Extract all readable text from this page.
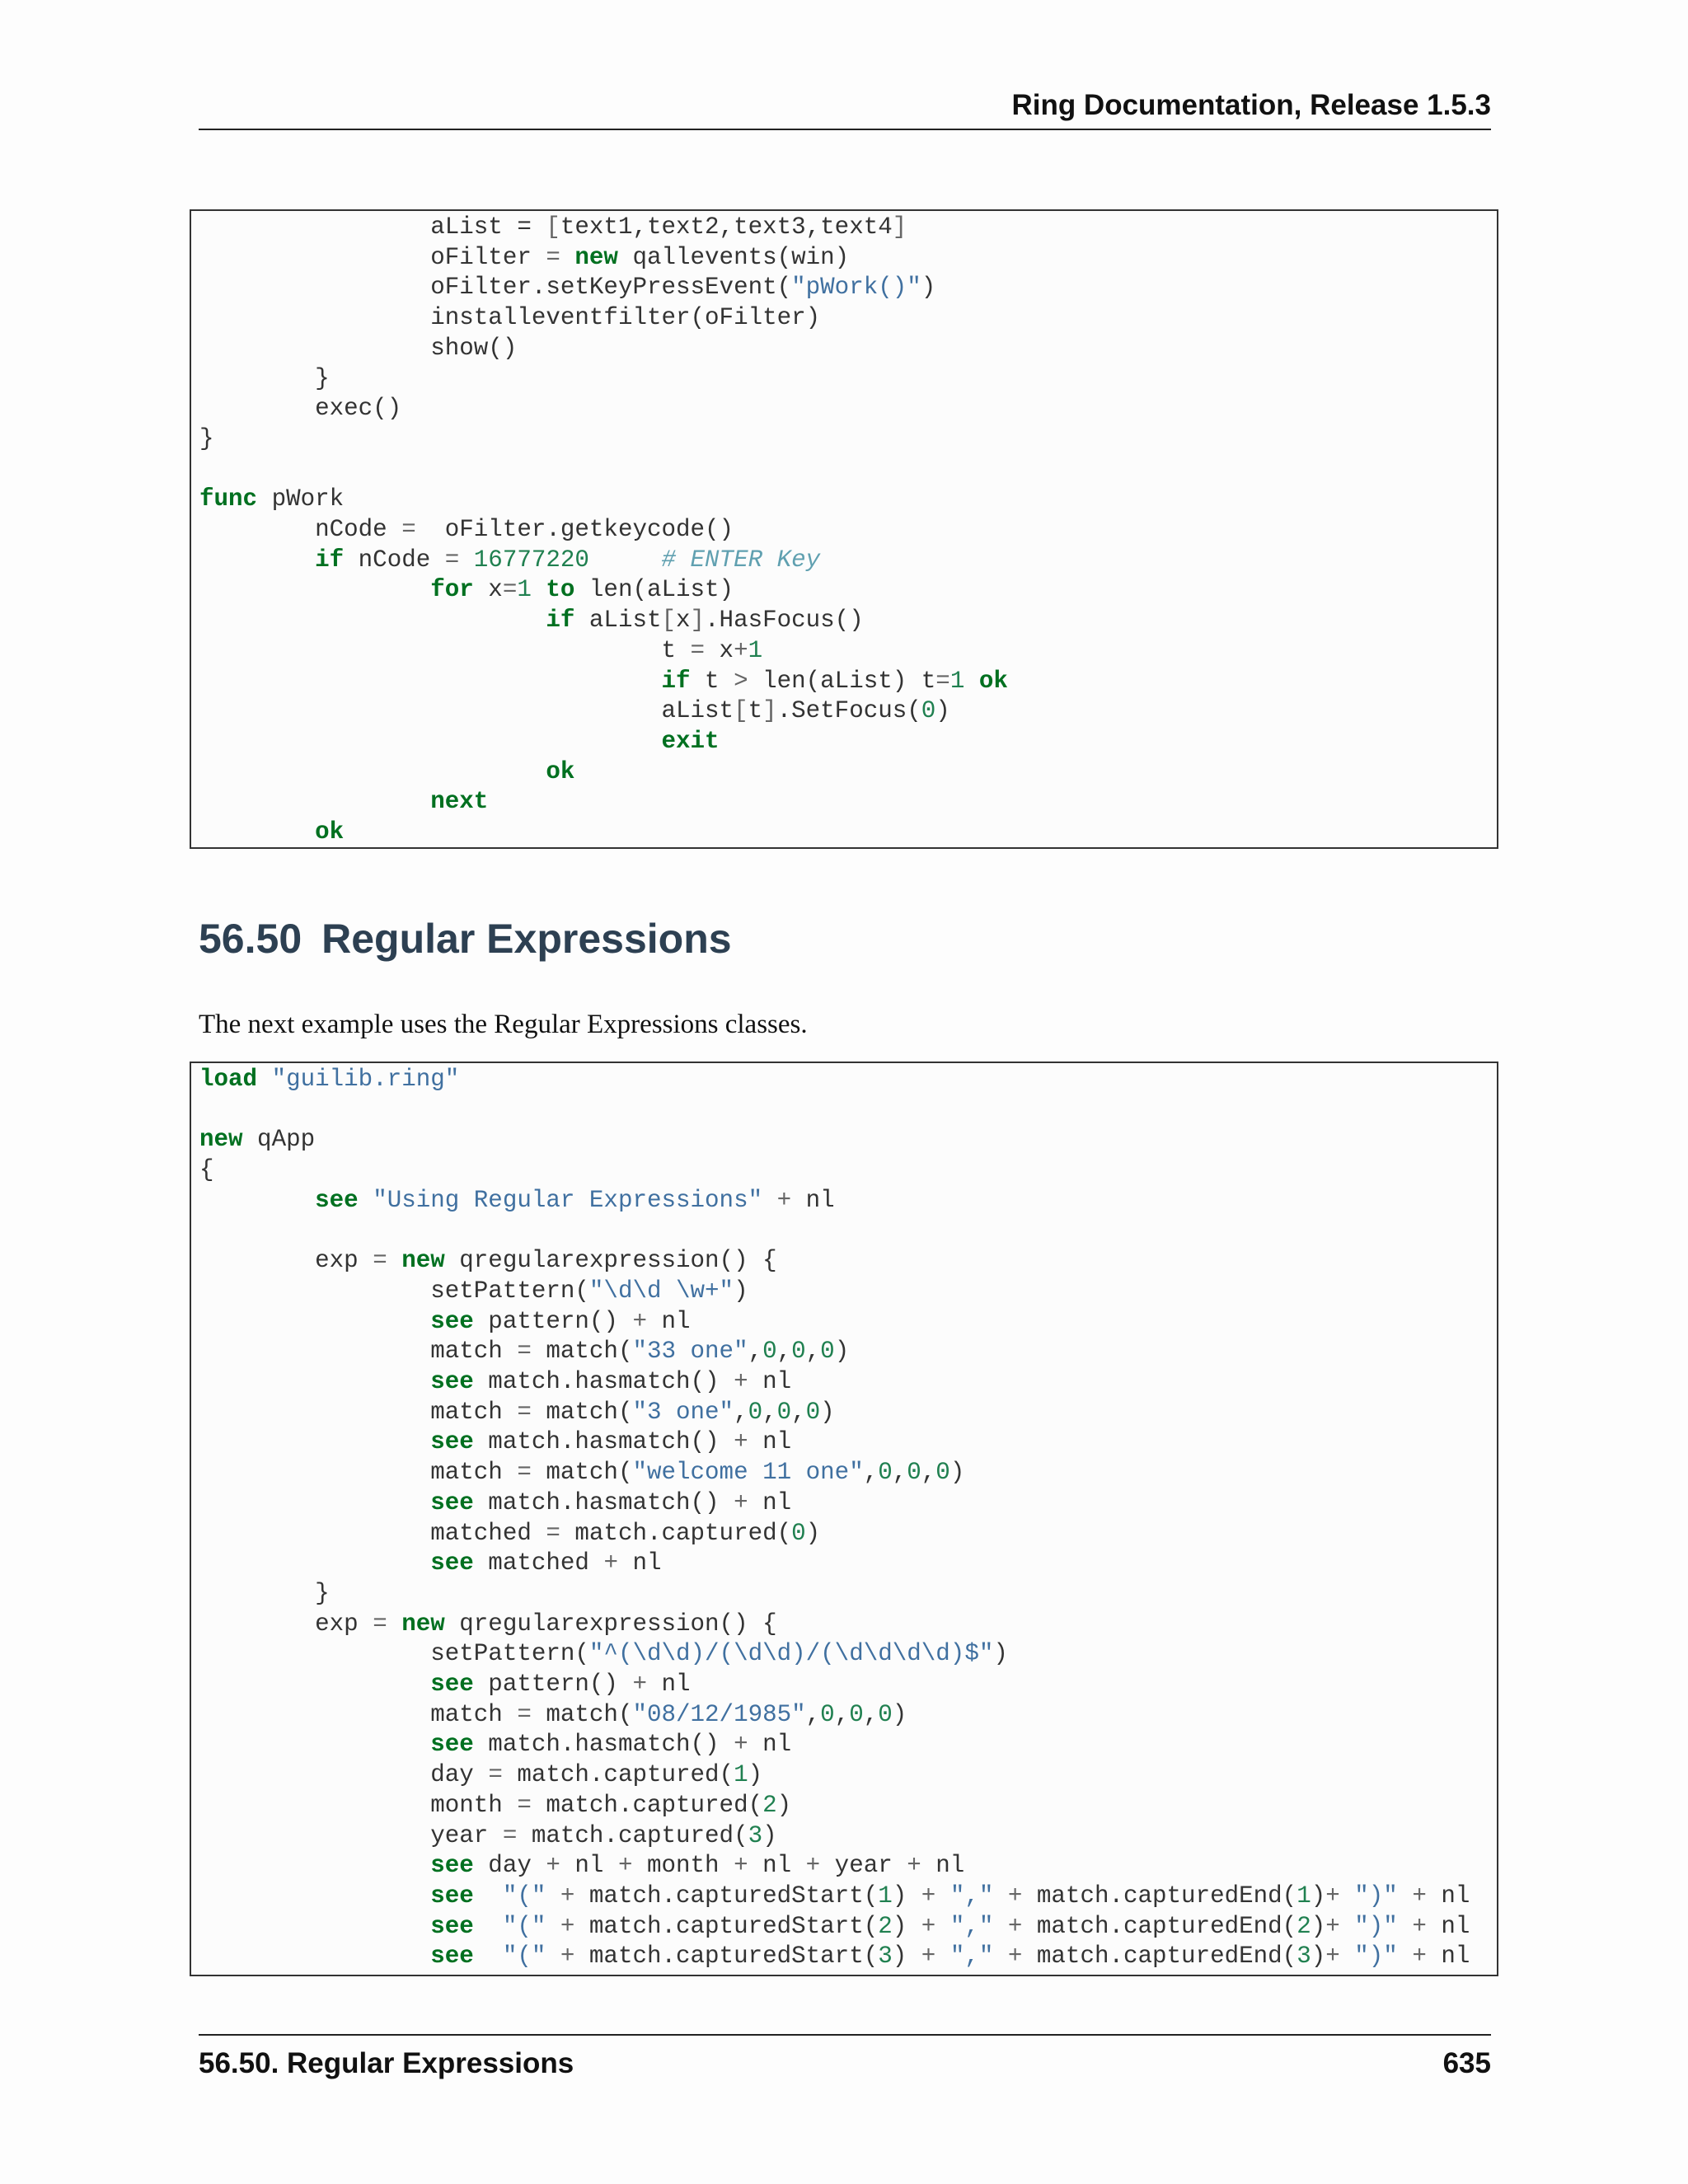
Ring Documentation, Release 1.5.3
aList = [text1,text2,text3,text4]
oFilter = new qallevents(win)
oFilter.setKeyPressEvent("pWork()")
installeventfilter(oFilter)
show()
}
exec()
}

func pWork
nCode =  oFilter.getkeycode()
if nCode = 16777220	# ENTER Key
for x=1 to len(aList)
if aList[x].HasFocus()
t = x+1
if t > len(aList) t=1 ok
aList[t].SetFocus(0)
exit
ok
next
ok
56.50 Regular Expressions

The next example uses the Regular Expressions classes.

load "guilib.ring"

new qApp
{
see "Using Regular Expressions" + nl

exp = new qregularexpression() {
setPattern("\d\d \w+")
see pattern() + nl
match = match("33 one",0,0,0)
see match.hasmatch() + nl
match = match("3 one",0,0,0)
see match.hasmatch() + nl
match = match("welcome 11 one",0,0,0)
see match.hasmatch() + nl
matched = match.captured(0)
see matched + nl
}
exp = new qregularexpression() {
setPattern("^(\d\d)/(\d\d)/(\d\d\d\d)$")
see pattern() + nl
match = match("08/12/1985",0,0,0)
see match.hasmatch() + nl
day = match.captured(1)
month = match.captured(2)
year = match.captured(3)
see day + nl + month + nl + year + nl
see "(" + match.capturedStart(1) + "," + match.capturedEnd(1)+ ")" + nl
see "(" + match.capturedStart(2) + "," + match.capturedEnd(2)+ ")" + nl
see "(" + match.capturedStart(3) + "," + match.capturedEnd(3)+ ")" + nl
56.50. Regular Expressions	635
